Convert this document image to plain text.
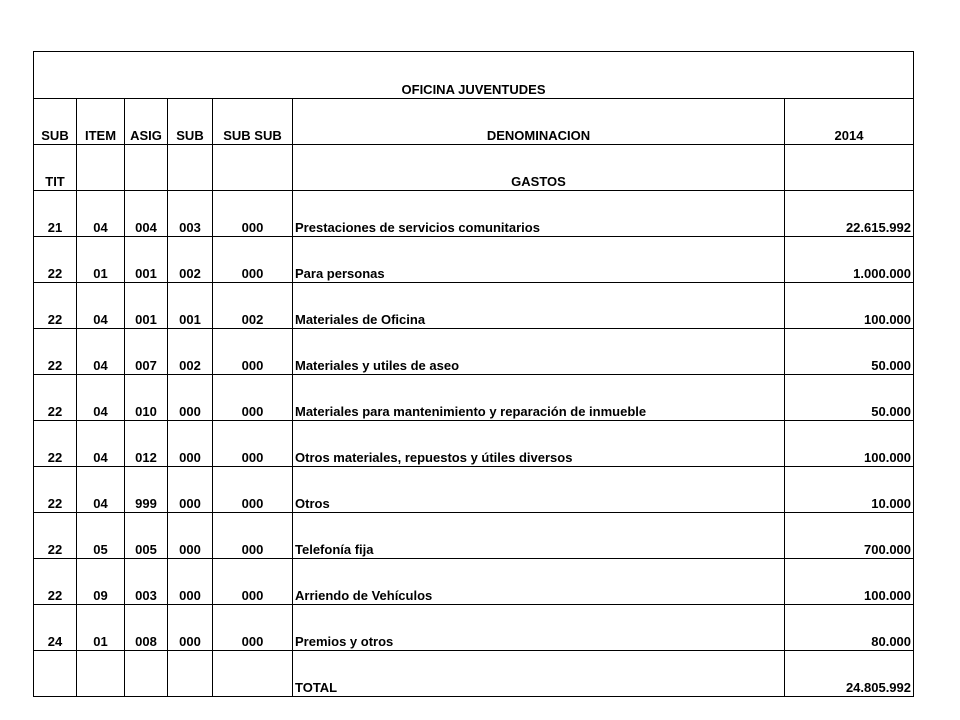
OFICINA JUVENTUDES						
SUB	ITEM	ASIG	SUB	SUB SUB	DENOMINACION	2014
TIT					GASTOS	
21	04	004	003	000	Prestaciones de servicios comunitarios	22.615.992
22	01	001	002	000	Para personas	1.000.000
22	04	001	001	002	Materiales de Oficina	100.000
22	04	007	002	000	Materiales y utiles de aseo	50.000
22	04	010	000	000	Materiales para mantenimiento y reparación de inmueble	50.000
22	04	012	000	000	Otros materiales, repuestos y útiles diversos	100.000
22	04	999	000	000	Otros	10.000
22	05	005	000	000	Telefonía fija	700.000
22	09	003	000	000	Arriendo de Vehículos	100.000
24	01	008	000	000	Premios y otros	80.000
					TOTAL	24.805.992
